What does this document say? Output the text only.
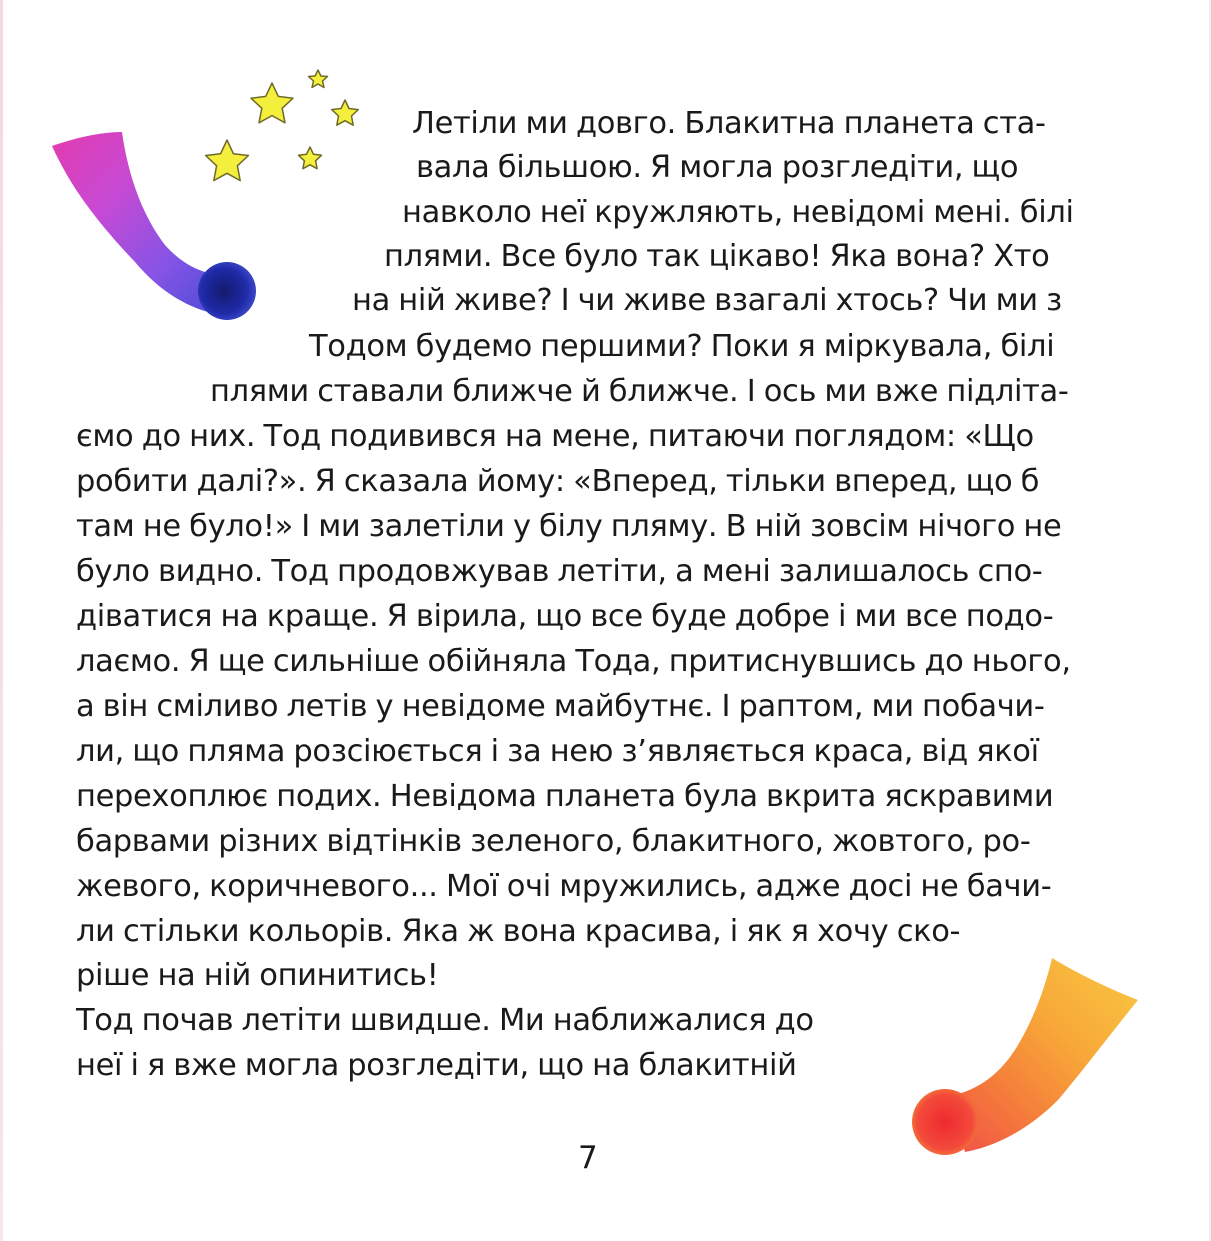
Летіли ми довго. Блакитна планета ста-
вала більшою. Я могла розгледіти, що
навколо неї кружляють, невідомі мені. білі
плями. Все було так цікаво! Яка вона? Хто
на ній живе? І чи живе взагалі хтось? Чи ми з
Тодом будемо першими? Поки я міркувала, білі
плями ставали ближче й ближче. І ось ми вже підліта-
ємо до них. Тод подивився на мене, питаючи поглядом: «Що
робити далі?». Я сказала йому: «Вперед, тільки вперед, що б
там не було!» І ми залетіли у білу пляму. В ній зовсім нічого не
було видно. Тод продовжував летіти, а мені залишалось спо-
діватися на краще. Я вірила, що все буде добре і ми все подо-
лаємо. Я ще сильніше обійняла Тода, притиснувшись до нього,
а він сміливо летів у невідоме майбутнє. І раптом, ми побачи-
ли, що пляма розсіюється і за нею з’являється краса, від якої
перехоплює подих. Невідома планета була вкрита яскравими
барвами різних відтінків зеленого, блакитного, жовтого, ро-
жевого, коричневого... Мої очі мружились, адже досі не бачи-
ли стільки кольорів. Яка ж вона красива, і як я хочу ско-
ріше на ній опинитись!
Тод почав летіти швидше. Ми наближалися до
неї і я вже могла розгледіти, що на блакитній
7
